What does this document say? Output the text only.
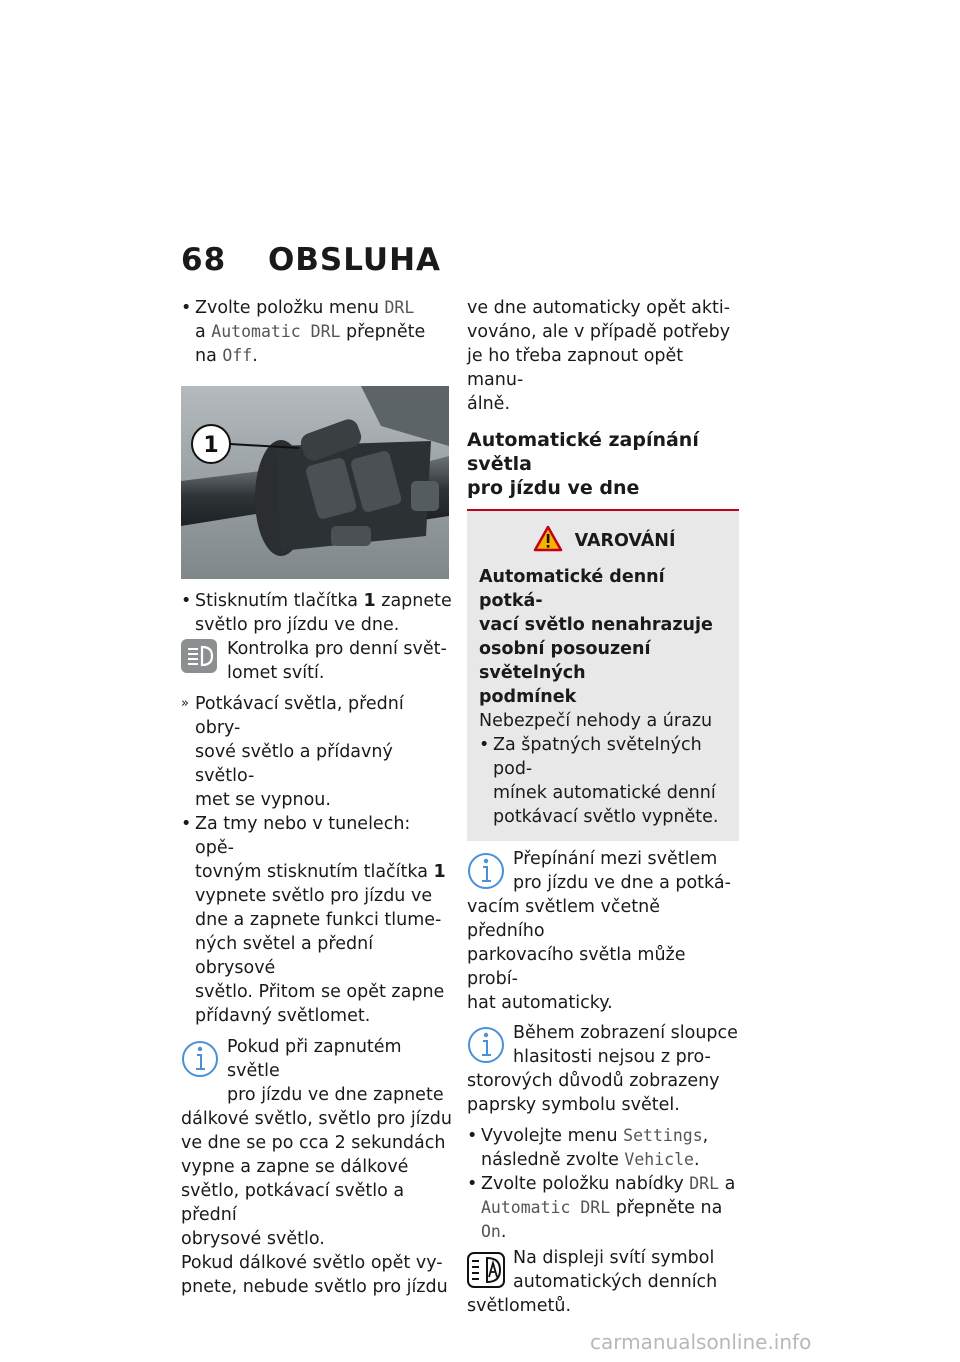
68 OBSLUHA
• Zvolte položku menu DRL
a Automatic DRL přepněte
na Off.
1
• Stisknutím tlačítka 1 zapnete
světlo pro jízdu ve dne.
Kontrolka pro denní svět-
lomet svítí.
» Potkávací světla, přední obry-
sové světlo a přídavný světlo-
met se vypnou.
• Za tmy nebo v tunelech: opě-
tovným stisknutím tlačítka 1
vypnete světlo pro jízdu ve
dne a zapnete funkci tlume-
ných světel a přední obrysové
světlo. Přitom se opět zapne
přídavný světlomet.
Pokud při zapnutém světle
pro jízdu ve dne zapnete
dálkové světlo, světlo pro jízdu
ve dne se po cca 2 sekundách
vypne a zapne se dálkové
světlo, potkávací světlo a přední
obrysové světlo.
Pokud dálkové světlo opět vy-
pnete, nebude světlo pro jízdu
ve dne automaticky opět akti-
vováno, ale v případě potřeby
je ho třeba zapnout opět manu-
álně.
Automatické zapínání světla
pro jízdu ve dne
VAROVÁNÍ
Automatické denní potká-
vací světlo nenahrazuje
osobní posouzení světelných
podmínek
Nebezpečí nehody a úrazu
• Za špatných světelných pod-
mínek automatické denní
potkávací světlo vypněte.
Přepínání mezi světlem
pro jízdu ve dne a potká-
vacím světlem včetně předního
parkovacího světla může probí-
hat automaticky.
Během zobrazení sloupce
hlasitosti nejsou z pro-
storových důvodů zobrazeny
paprsky symbolu světel.
• Vyvolejte menu Settings,
následně zvolte Vehicle.
• Zvolte položku nabídky DRL a
Automatic DRL přepněte na
On.
Na displeji svítí symbol
automatických denních
světlometů.
carmanualsonline.info
